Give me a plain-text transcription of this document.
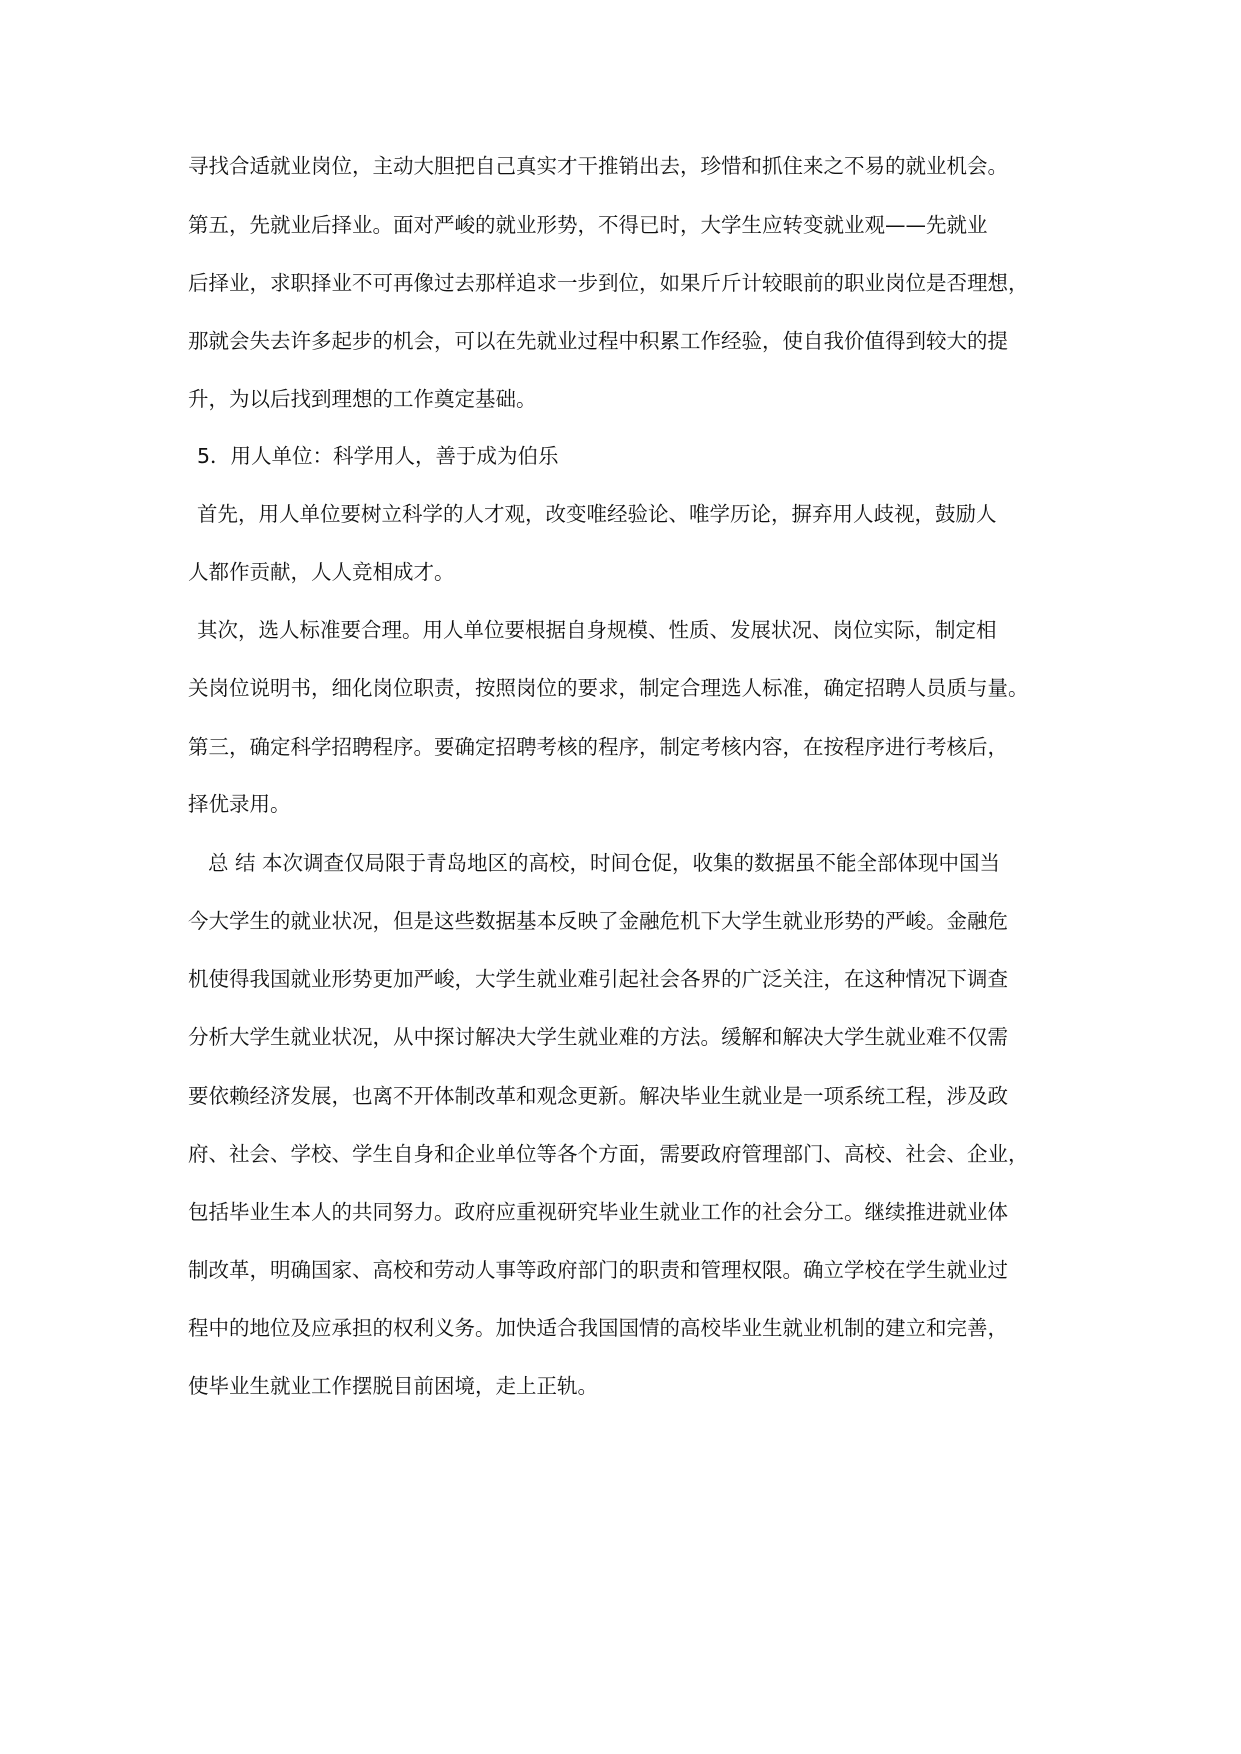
寻找合适就业岗位，主动大胆把自己真实才干推销出去，珍惜和抓住来之不易的就业机会。
第五，先就业后择业。面对严峻的就业形势，不得已时，大学生应转变就业观——先就业
后择业，求职择业不可再像过去那样追求一步到位，如果斤斤计较眼前的职业岗位是否理想，
那就会失去许多起步的机会，可以在先就业过程中积累工作经验，使自我价值得到较大的提
升，为以后找到理想的工作奠定基础。
5．用人单位：科学用人，善于成为伯乐
首先，用人单位要树立科学的人才观，改变唯经验论、唯学历论，摒弃用人歧视，鼓励人
人都作贡献，人人竞相成才。
其次，选人标准要合理。用人单位要根据自身规模、性质、发展状况、岗位实际，制定相
关岗位说明书，细化岗位职责，按照岗位的要求，制定合理选人标准，确定招聘人员质与量。
第三，确定科学招聘程序。要确定招聘考核的程序，制定考核内容，在按程序进行考核后，
择优录用。
总 结 本次调查仅局限于青岛地区的高校，时间仓促，收集的数据虽不能全部体现中国当
今大学生的就业状况，但是这些数据基本反映了金融危机下大学生就业形势的严峻。金融危
机使得我国就业形势更加严峻，大学生就业难引起社会各界的广泛关注，在这种情况下调查
分析大学生就业状况，从中探讨解决大学生就业难的方法。缓解和解决大学生就业难不仅需
要依赖经济发展，也离不开体制改革和观念更新。解决毕业生就业是一项系统工程，涉及政
府、社会、学校、学生自身和企业单位等各个方面，需要政府管理部门、高校、社会、企业，
包括毕业生本人的共同努力。政府应重视研究毕业生就业工作的社会分工。继续推进就业体
制改革，明确国家、高校和劳动人事等政府部门的职责和管理权限。确立学校在学生就业过
程中的地位及应承担的权利义务。加快适合我国国情的高校毕业生就业机制的建立和完善，
使毕业生就业工作摆脱目前困境，走上正轨。
